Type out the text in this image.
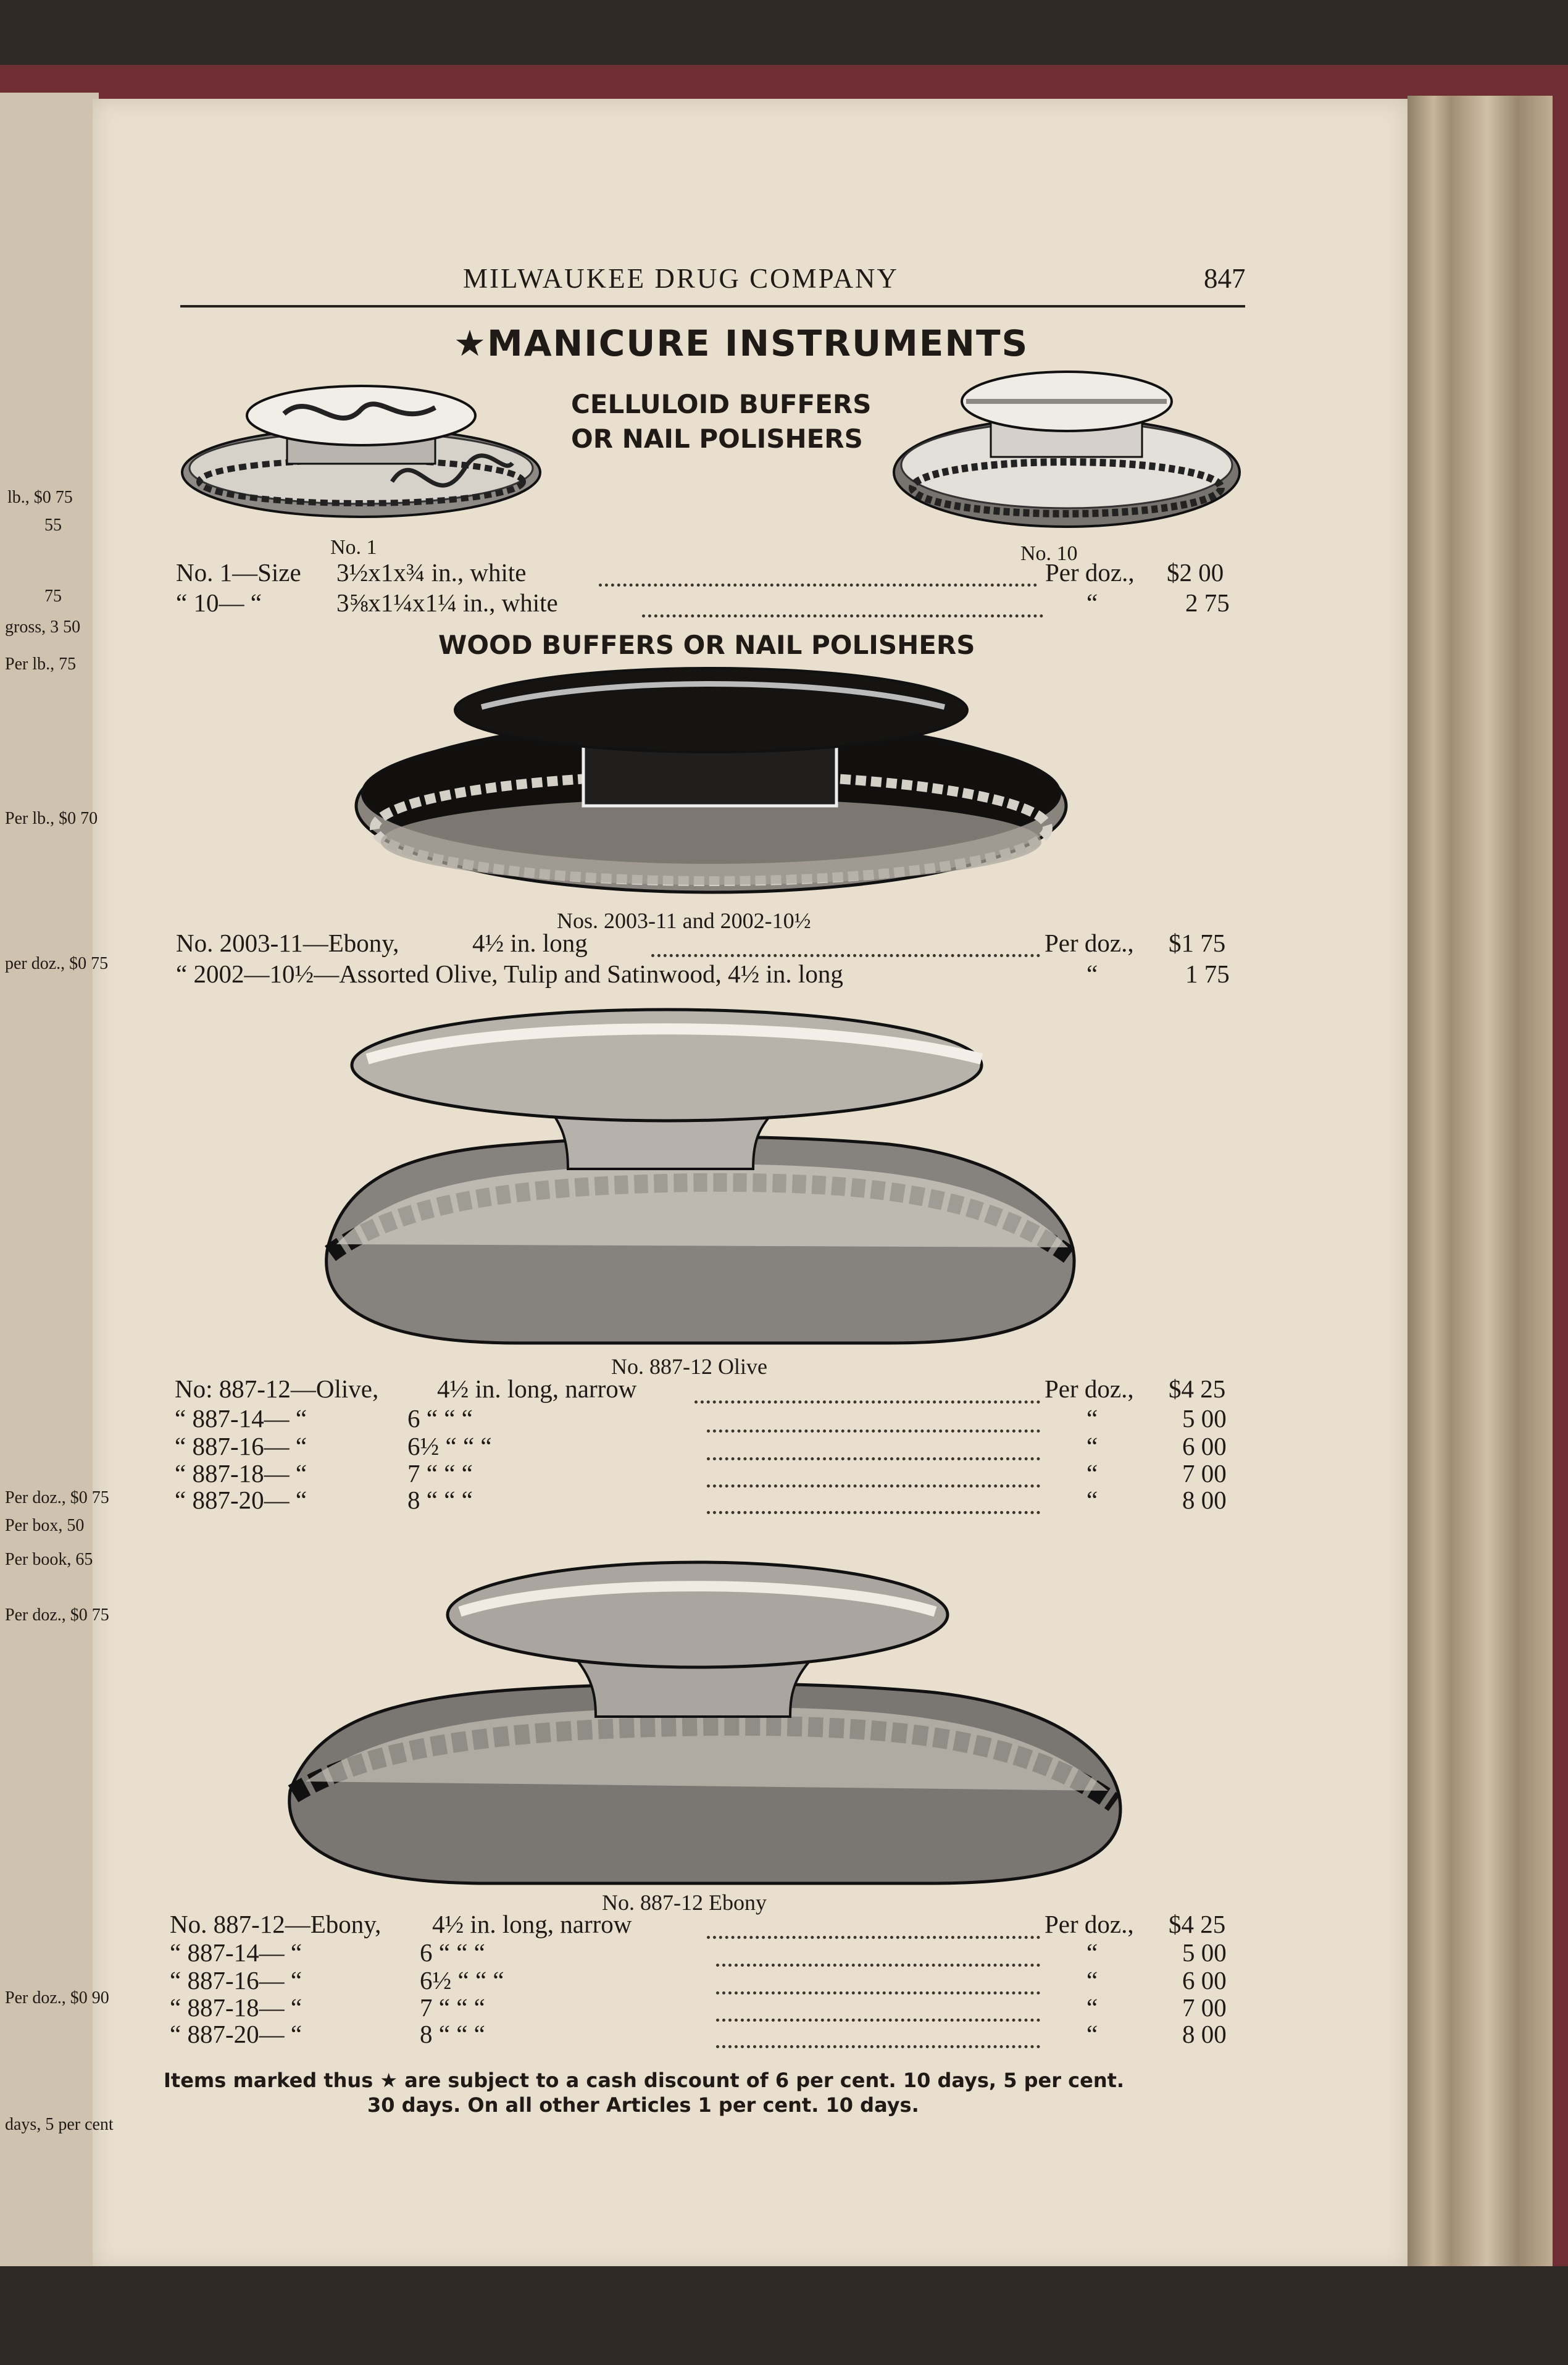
lb., $0 75
55
75
gross, 3 50
Per lb., 75
Per lb., $0 70
per doz., $0 75
Per doz., $0 75
Per box, 50
Per book, 65
Per doz., $0 75
Per doz., $0 90
days, 5 per cent
MILWAUKEE DRUG COMPANY	847
★MANICURE INSTRUMENTS
CELLULOID BUFFERS
OR NAIL POLISHERS
No. 1	No. 10
No. 1—Size 3½x1x¾ in., white	Per doz., $2 00
“ 10— “	3⅝x1¼x1¼ in., white	“	2 75
WOOD BUFFERS OR NAIL POLISHERS
Nos. 2003-11 and 2002-10½
No. 2003-11—Ebony,	4½ in. long	Per doz., $1 75
“ 2002—10½—Assorted Olive, Tulip and Satinwood, 4½ in. long	“	1 75
No. 887-12 Olive
No: 887-12—Olive, 4½ in. long, narrow	Per doz., $4 25
“ 887-14— “	6 “ “ “	“	5 00
“ 887-16— “	6½ “ “ “	“	6 00
“ 887-18— “	7 “ “ “	“	7 00
“ 887-20— “	8 “ “ “	“	8 00
No. 887-12 Ebony
No. 887-12—Ebony, 4½ in. long, narrow	Per doz., $4 25
“ 887-14— “	6 “ “ “	“	5 00
“ 887-16— “	6½ “ “ “	“	6 00
“ 887-18— “	7 “ “ “	“	7 00
“ 887-20— “	8 “ “ “	“	8 00
Items marked thus ★ are subject to a cash discount of 6 per cent. 10 days, 5 per cent.
30 days. On all other Articles 1 per cent. 10 days.
